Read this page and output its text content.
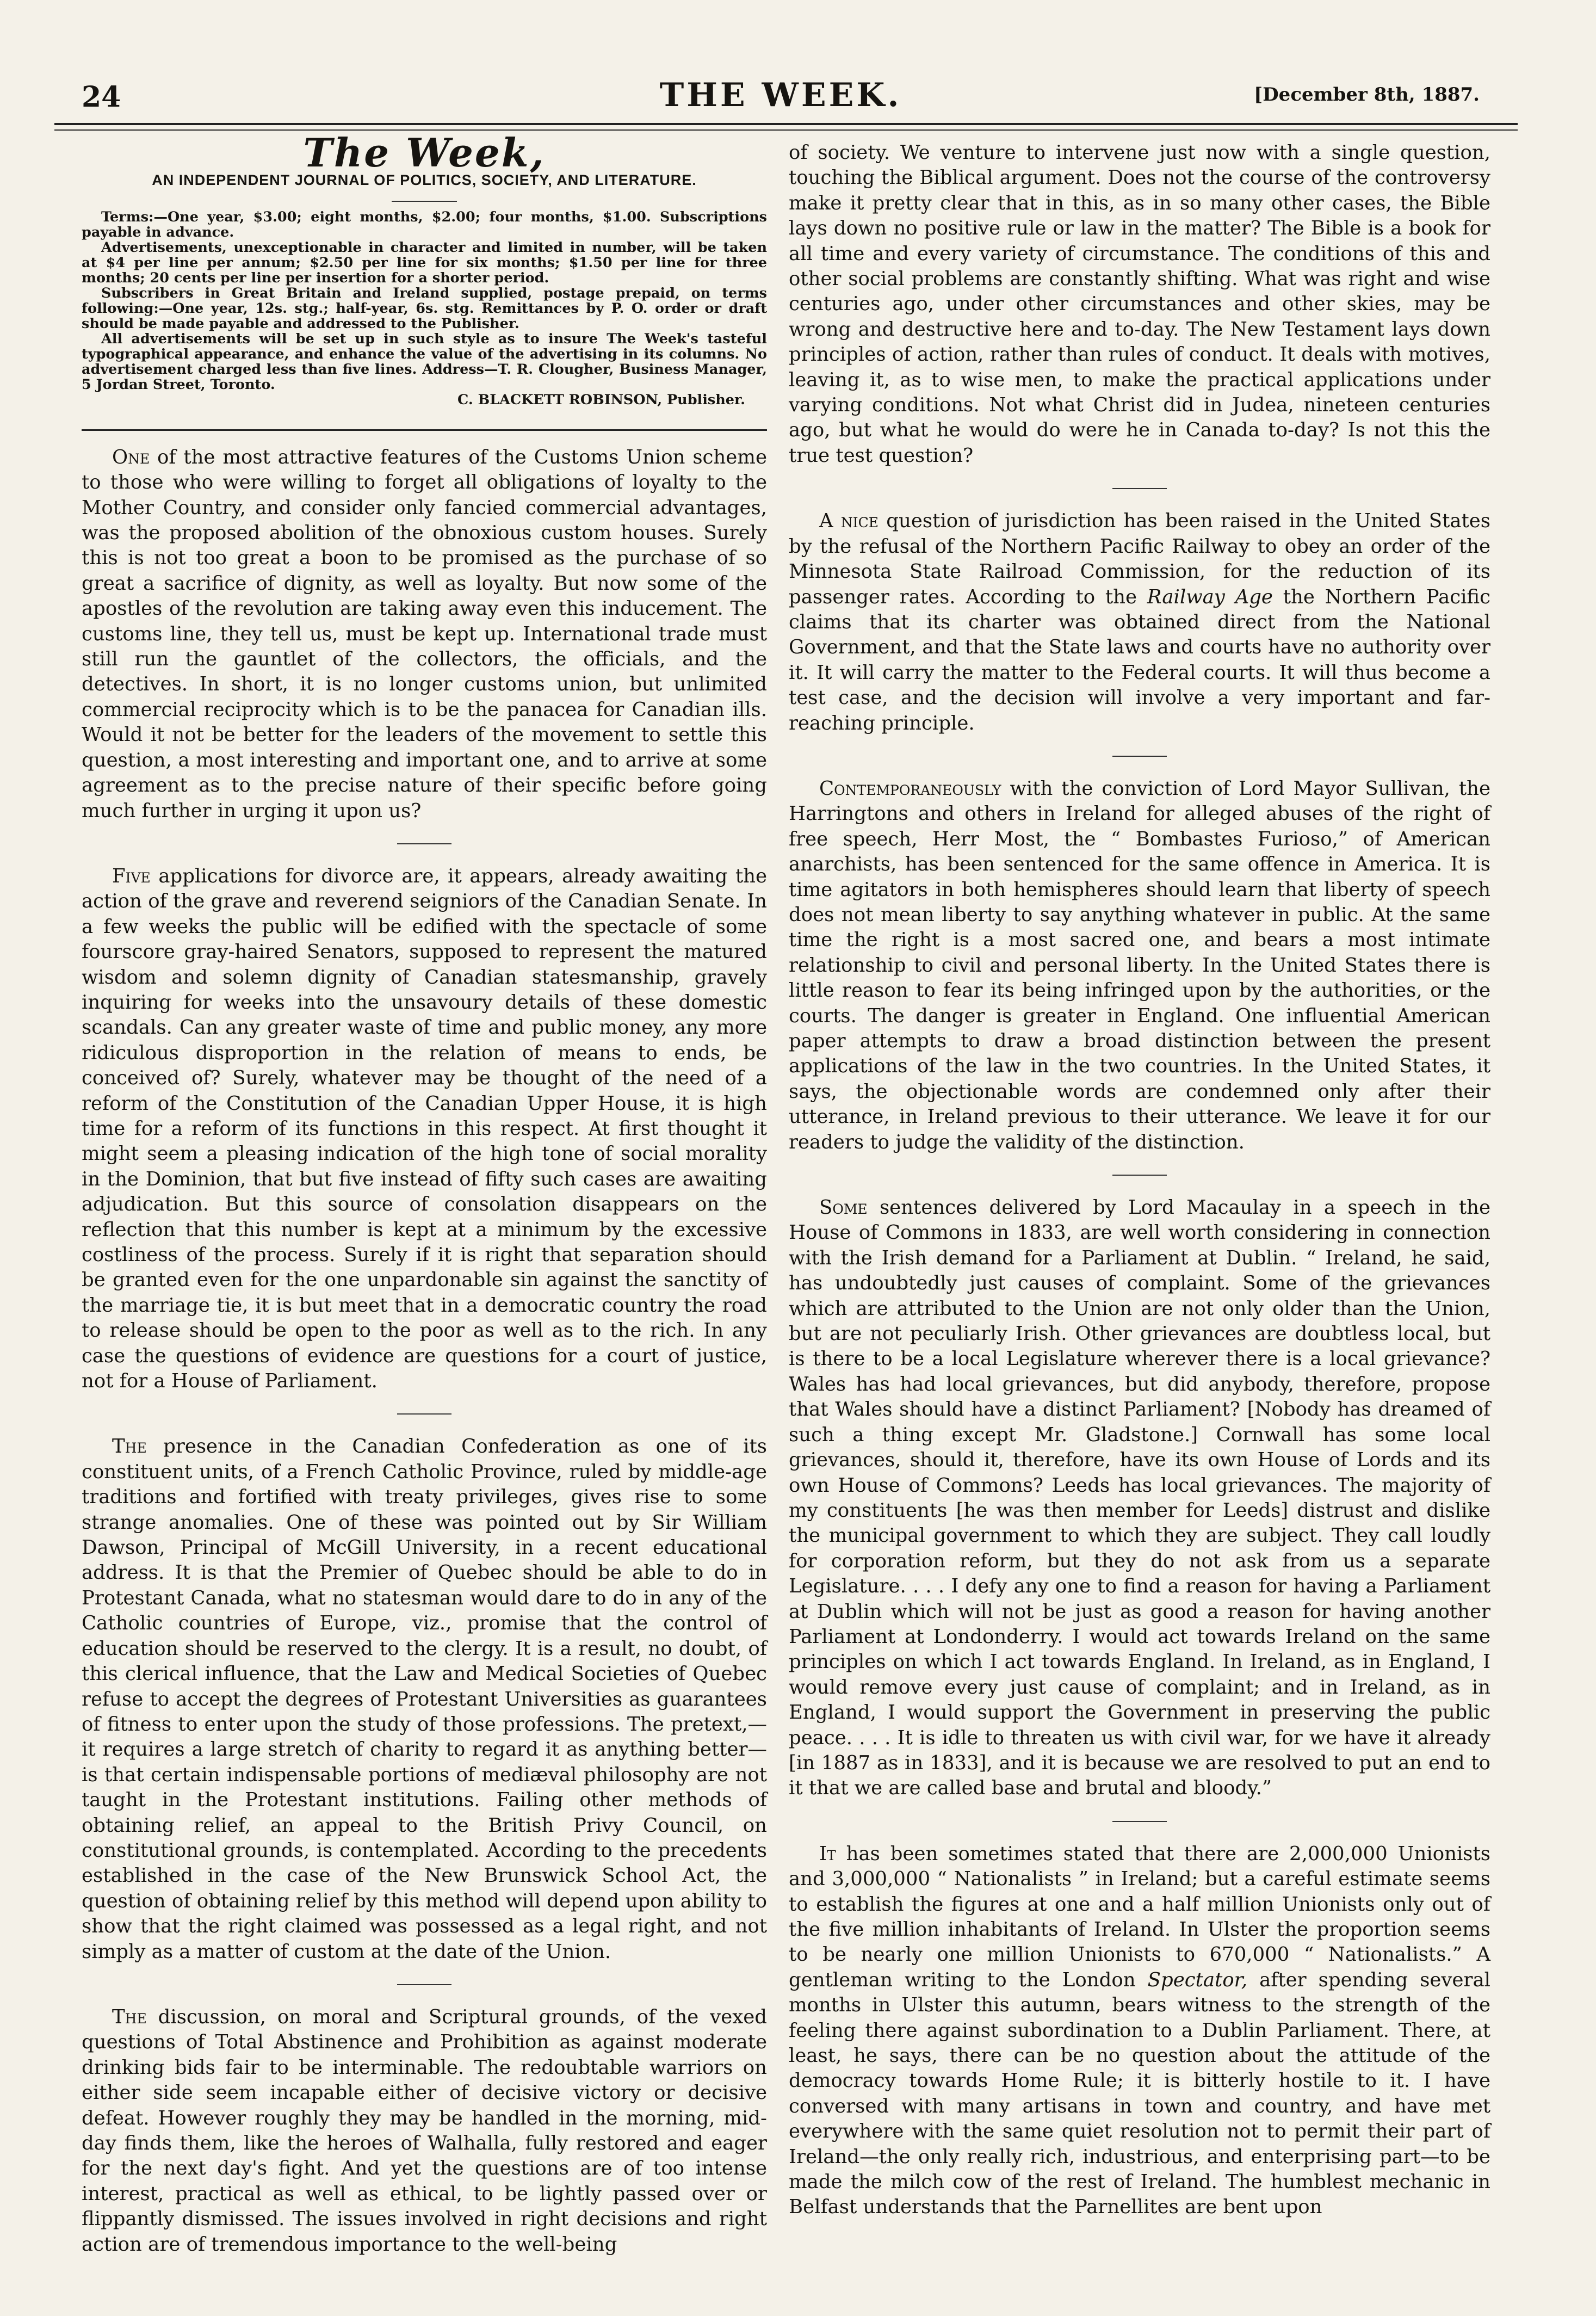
24	THE WEEK.	[December 8th, 1887.
The Week,
AN INDEPENDENT JOURNAL OF POLITICS, SOCIETY, AND LITERATURE.

Terms:—One year, $3.00; eight months, $2.00; four months, $1.00. Subscriptions payable in advance.

Advertisements, unexceptionable in character and limited in number, will be taken at $4 per line per annum; $2.50 per line for six months; $1.50 per line for three months; 20 cents per line per insertion for a shorter period.

Subscribers in Great Britain and Ireland supplied, postage prepaid, on terms following:—One year, 12s. stg.; half-year, 6s. stg. Remittances by P. O. order or draft should be made payable and addressed to the Publisher.

All advertisements will be set up in such style as to insure The Week's tasteful typographical appearance, and enhance the value of the advertising in its columns. No advertisement charged less than five lines. Address—T. R. Clougher, Business Manager, 5 Jordan Street, Toronto.

C. BLACKETT ROBINSON, Publisher.

One of the most attractive features of the Customs Union scheme to those who were willing to forget all obligations of loyalty to the Mother Country, and consider only fancied commercial advantages, was the proposed abolition of the obnoxious custom houses. Surely this is not too great a boon to be promised as the purchase of so great a sacrifice of dignity, as well as loyalty. But now some of the apostles of the revolution are taking away even this inducement. The customs line, they tell us, must be kept up. International trade must still run the gauntlet of the collectors, the officials, and the detectives. In short, it is no longer customs union, but unlimited commercial reciprocity which is to be the panacea for Canadian ills. Would it not be better for the leaders of the movement to settle this question, a most interesting and important one, and to arrive at some agreement as to the precise nature of their specific before going much further in urging it upon us?

Five applications for divorce are, it appears, already awaiting the action of the grave and reverend seigniors of the Canadian Senate. In a few weeks the public will be edified with the spectacle of some fourscore gray-haired Senators, supposed to represent the matured wisdom and solemn dignity of Canadian statesmanship, gravely inquiring for weeks into the unsavoury details of these domestic scandals. Can any greater waste of time and public money, any more ridiculous disproportion in the relation of means to ends, be conceived of? Surely, whatever may be thought of the need of a reform of the Constitution of the Canadian Upper House, it is high time for a reform of its functions in this respect. At first thought it might seem a pleasing indication of the high tone of social morality in the Dominion, that but five instead of fifty such cases are awaiting adjudication. But this source of consolation disappears on the reflection that this number is kept at a minimum by the excessive costliness of the process. Surely if it is right that separation should be granted even for the one unpardonable sin against the sanctity of the marriage tie, it is but meet that in a democratic country the road to release should be open to the poor as well as to the rich. In any case the questions of evidence are questions for a court of justice, not for a House of Parliament.

The presence in the Canadian Confederation as one of its constituent units, of a French Catholic Province, ruled by middle-age traditions and fortified with treaty privileges, gives rise to some strange anomalies. One of these was pointed out by Sir William Dawson, Principal of McGill University, in a recent educational address. It is that the Premier of Quebec should be able to do in Protestant Canada, what no statesman would dare to do in any of the Catholic countries of Europe, viz., promise that the control of education should be reserved to the clergy. It is a result, no doubt, of this clerical influence, that the Law and Medical Societies of Quebec refuse to accept the degrees of Protestant Universities as guarantees of fitness to enter upon the study of those professions. The pretext,—it requires a large stretch of charity to regard it as anything better—is that certain indispensable portions of mediæval philosophy are not taught in the Protestant institutions. Failing other methods of obtaining relief, an appeal to the British Privy Council, on constitutional grounds, is contemplated. According to the precedents established in the case of the New Brunswick School Act, the question of obtaining relief by this method will depend upon ability to show that the right claimed was possessed as a legal right, and not simply as a matter of custom at the date of the Union.

The discussion, on moral and Scriptural grounds, of the vexed questions of Total Abstinence and Prohibition as against moderate drinking bids fair to be interminable. The redoubtable warriors on either side seem incapable either of decisive victory or decisive defeat. However roughly they may be handled in the morning, mid-day finds them, like the heroes of Walhalla, fully restored and eager for the next day's fight. And yet the questions are of too intense interest, practical as well as ethical, to be lightly passed over or flippantly dismissed. The issues involved in right decisions and right action are of tremendous importance to the well-being

of society. We venture to intervene just now with a single question, touching the Biblical argument. Does not the course of the controversy make it pretty clear that in this, as in so many other cases, the Bible lays down no positive rule or law in the matter? The Bible is a book for all time and every variety of circumstance. The conditions of this and other social problems are constantly shifting. What was right and wise centuries ago, under other circumstances and other skies, may be wrong and destructive here and to-day. The New Testament lays down principles of action, rather than rules of conduct. It deals with motives, leaving it, as to wise men, to make the practical applications under varying conditions. Not what Christ did in Judea, nineteen centuries ago, but what he would do were he in Canada to-day? Is not this the true test question?

A nice question of jurisdiction has been raised in the United States by the refusal of the Northern Pacific Railway to obey an order of the Minnesota State Railroad Commission, for the reduction of its passenger rates. According to the Railway Age the Northern Pacific claims that its charter was obtained direct from the National Government, and that the State laws and courts have no authority over it. It will carry the matter to the Federal courts. It will thus become a test case, and the decision will involve a very important and far-reaching principle.

Contemporaneously with the conviction of Lord Mayor Sullivan, the Harringtons and others in Ireland for alleged abuses of the right of free speech, Herr Most, the “ Bombastes Furioso,” of American anarchists, has been sentenced for the same offence in America. It is time agitators in both hemispheres should learn that liberty of speech does not mean liberty to say anything whatever in public. At the same time the right is a most sacred one, and bears a most intimate relationship to civil and personal liberty. In the United States there is little reason to fear its being infringed upon by the authorities, or the courts. The danger is greater in England. One influential American paper attempts to draw a broad distinction between the present applications of the law in the two countries. In the United States, it says, the objectionable words are condemned only after their utterance, in Ireland previous to their utterance. We leave it for our readers to judge the validity of the distinction.

Some sentences delivered by Lord Macaulay in a speech in the House of Commons in 1833, are well worth considering in connection with the Irish demand for a Parliament at Dublin. “ Ireland, he said, has undoubtedly just causes of complaint. Some of the grievances which are attributed to the Union are not only older than the Union, but are not peculiarly Irish. Other grievances are doubtless local, but is there to be a local Legislature wherever there is a local grievance? Wales has had local grievances, but did anybody, therefore, propose that Wales should have a distinct Parliament? [Nobody has dreamed of such a thing except Mr. Gladstone.] Cornwall has some local grievances, should it, therefore, have its own House of Lords and its own House of Commons? Leeds has local grievances. The majority of my constituents [he was then member for Leeds] distrust and dislike the municipal government to which they are subject. They call loudly for corporation reform, but they do not ask from us a separate Legislature. . . . I defy any one to find a reason for having a Parliament at Dublin which will not be just as good a reason for having another Parliament at Londonderry. I would act towards Ireland on the same principles on which I act towards England. In Ireland, as in England, I would remove every just cause of complaint; and in Ireland, as in England, I would support the Government in preserving the public peace. . . . It is idle to threaten us with civil war, for we have it already [in 1887 as in 1833], and it is because we are resolved to put an end to it that we are called base and brutal and bloody.”

It has been sometimes stated that there are 2,000,000 Unionists and 3,000,000 “ Nationalists ” in Ireland; but a careful estimate seems to establish the figures at one and a half million Unionists only out of the five million inhabitants of Ireland. In Ulster the proportion seems to be nearly one million Unionists to 670,000 “ Nationalists.” A gentleman writing to the London Spectator, after spending several months in Ulster this autumn, bears witness to the strength of the feeling there against subordination to a Dublin Parliament. There, at least, he says, there can be no question about the attitude of the democracy towards Home Rule; it is bitterly hostile to it. I have conversed with many artisans in town and country, and have met everywhere with the same quiet resolution not to permit their part of Ireland—the only really rich, industrious, and enterprising part—to be made the milch cow of the rest of Ireland. The humblest mechanic in Belfast understands that the Parnellites are bent upon
